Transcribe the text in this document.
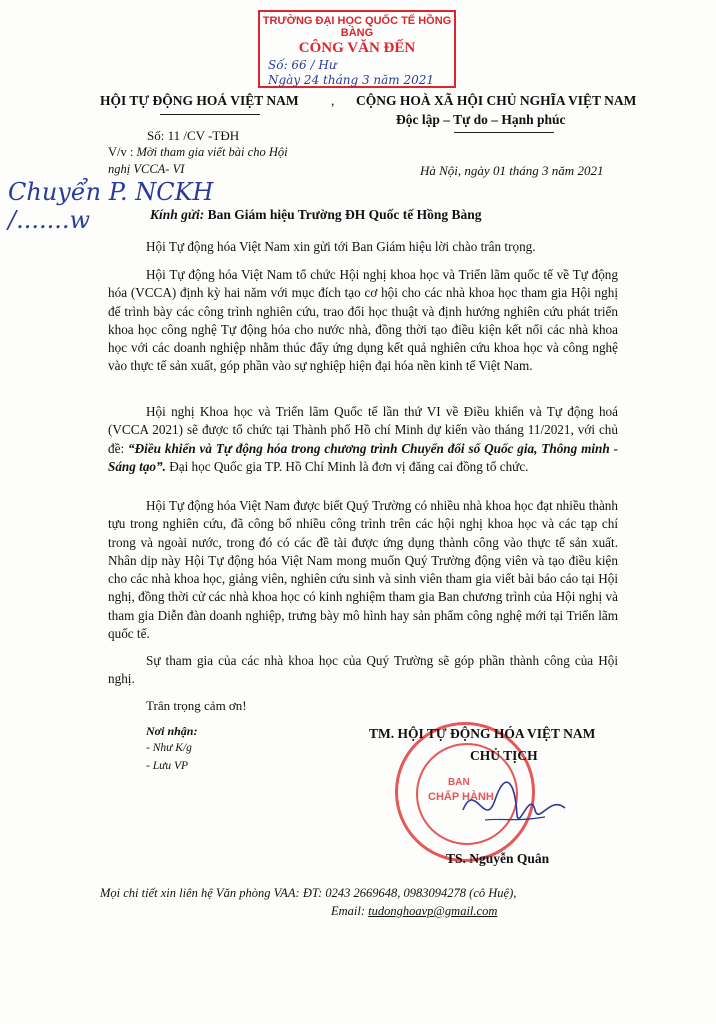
TRƯỜNG ĐẠI HỌC QUỐC TẾ HỒNG BÀNG
CÔNG VĂN ĐẾN
Số: 66 / Hư
Ngày 24 tháng 3 năm 2021
HỘI TỰ ĐỘNG HOÁ VIỆT NAM , CỘNG HOÀ XÃ HỘI CHỦ NGHĨA VIỆT NAM
Độc lập – Tự do – Hạnh phúc
Số: 11 /CV -TĐH
V/v : Mời tham gia viết bài cho Hội nghị VCCA- VI	Hà Nội, ngày 01 tháng 3 năm 2021
Chuyển P. NCKH
/.......w	Kính gửi: Ban Giám hiệu Trường ĐH Quốc tế Hồng Bàng
Hội Tự động hóa Việt Nam xin gửi tới Ban Giám hiệu lời chào trân trọng.
Hội Tự động hóa Việt Nam tổ chức Hội nghị khoa học và Triển lãm quốc tế về Tự động hóa (VCCA) định kỳ hai năm với mục đích tạo cơ hội cho các nhà khoa học tham gia Hội nghị để trình bày các công trình nghiên cứu, trao đổi học thuật và định hướng nghiên cứu phát triển khoa học công nghệ Tự động hóa cho nước nhà, đồng thời tạo điều kiện kết nối các nhà khoa học với các doanh nghiệp nhằm thúc đẩy ứng dụng kết quả nghiên cứu khoa học và công nghệ vào thực tế sản xuất, góp phần vào sự nghiệp hiện đại hóa nền kinh tế Việt Nam.
Hội nghị Khoa học và Triển lãm Quốc tế lần thứ VI về Điều khiển và Tự động hoá (VCCA 2021) sẽ được tổ chức tại Thành phố Hồ chí Minh dự kiến vào tháng 11/2021, với chủ đề: “Điều khiển và Tự động hóa trong chương trình Chuyển đổi số Quốc gia, Thông minh - Sáng tạo”. Đại học Quốc gia TP. Hồ Chí Minh là đơn vị đăng cai đồng tổ chức.
Hội Tự động hóa Việt Nam được biết Quý Trường có nhiều nhà khoa học đạt nhiều thành tựu trong nghiên cứu, đã công bố nhiều công trình trên các hội nghị khoa học và các tạp chí trong và ngoài nước, trong đó có các đề tài được ứng dụng thành công vào thực tế sản xuất. Nhân dịp này Hội Tự động hóa Việt Nam mong muốn Quý Trường động viên và tạo điều kiện cho các nhà khoa học, giảng viên, nghiên cứu sinh và sinh viên tham gia viết bài báo cáo tại Hội nghị, đồng thời cử các nhà khoa học có kinh nghiệm tham gia Ban chương trình của Hội nghị và tham gia Diễn đàn doanh nghiệp, trưng bày mô hình hay sản phẩm công nghệ mới tại Triển lãm quốc tế.
Sự tham gia của các nhà khoa học của Quý Trường sẽ góp phần thành công của Hội nghị.
Trân trọng cảm ơn!
Nơi nhận:
- Như K/g
- Lưu VP
BAN
CHẤP HÀNH
TM. HỘI TỰ ĐỘNG HÓA VIỆT NAM
CHỦ TỊCH
TS. Nguyễn Quân
Mọi chi tiết xin liên hệ Văn phòng VAA: ĐT: 0243 2669648, 0983094278 (cô Huệ),
Email: tudonghoavp@gmail.com
